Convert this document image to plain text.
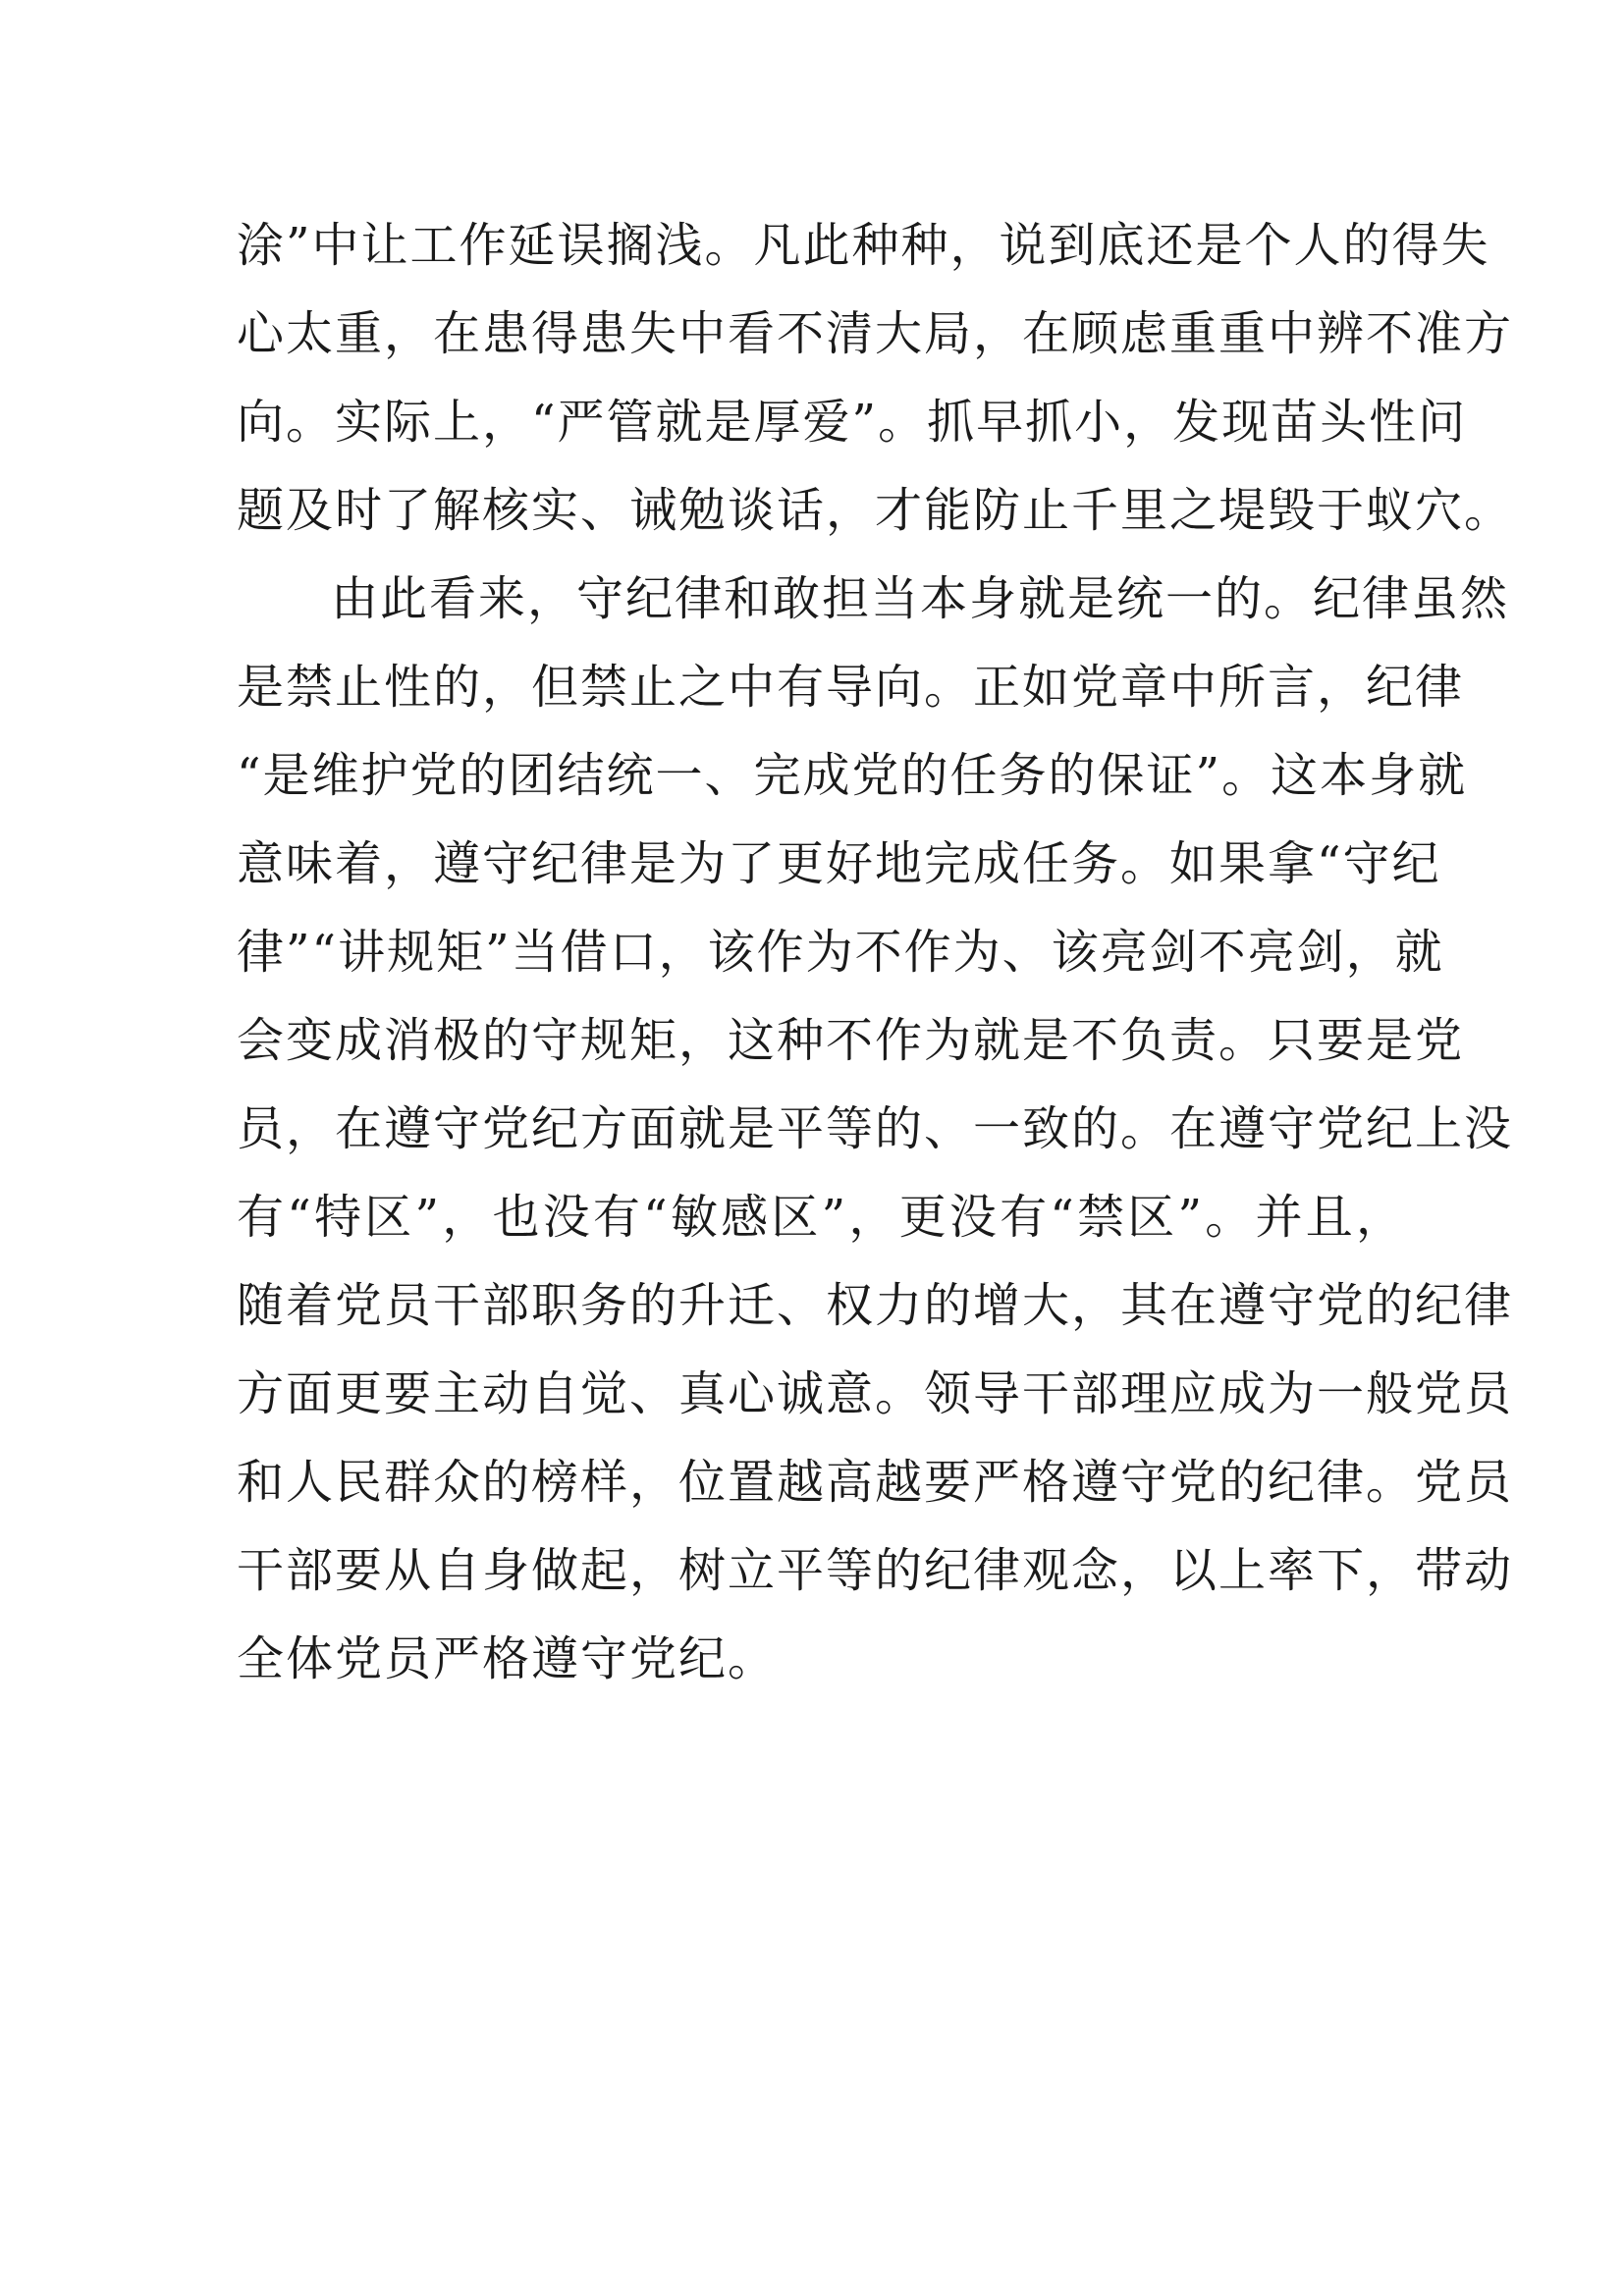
涂”中让工作延误搁浅。凡此种种，说到底还是个人的得失
心太重，在患得患失中看不清大局，在顾虑重重中辨不准方
向。实际上，“严管就是厚爱”。抓早抓小，发现苗头性问
题及时了解核实、诫勉谈话，才能防止千里之堤毁于蚁穴。
由此看来，守纪律和敢担当本身就是统一的。纪律虽然
是禁止性的，但禁止之中有导向。正如党章中所言，纪律
“是维护党的团结统一、完成党的任务的保证”。这本身就
意味着，遵守纪律是为了更好地完成任务。如果拿“守纪
律”“讲规矩”当借口，该作为不作为、该亮剑不亮剑，就
会变成消极的守规矩，这种不作为就是不负责。只要是党
员，在遵守党纪方面就是平等的、一致的。在遵守党纪上没
有“特区”，也没有“敏感区”，更没有“禁区”。并且，
随着党员干部职务的升迁、权力的增大，其在遵守党的纪律
方面更要主动自觉、真心诚意。领导干部理应成为一般党员
和人民群众的榜样，位置越高越要严格遵守党的纪律。党员
干部要从自身做起，树立平等的纪律观念，以上率下，带动
全体党员严格遵守党纪。
